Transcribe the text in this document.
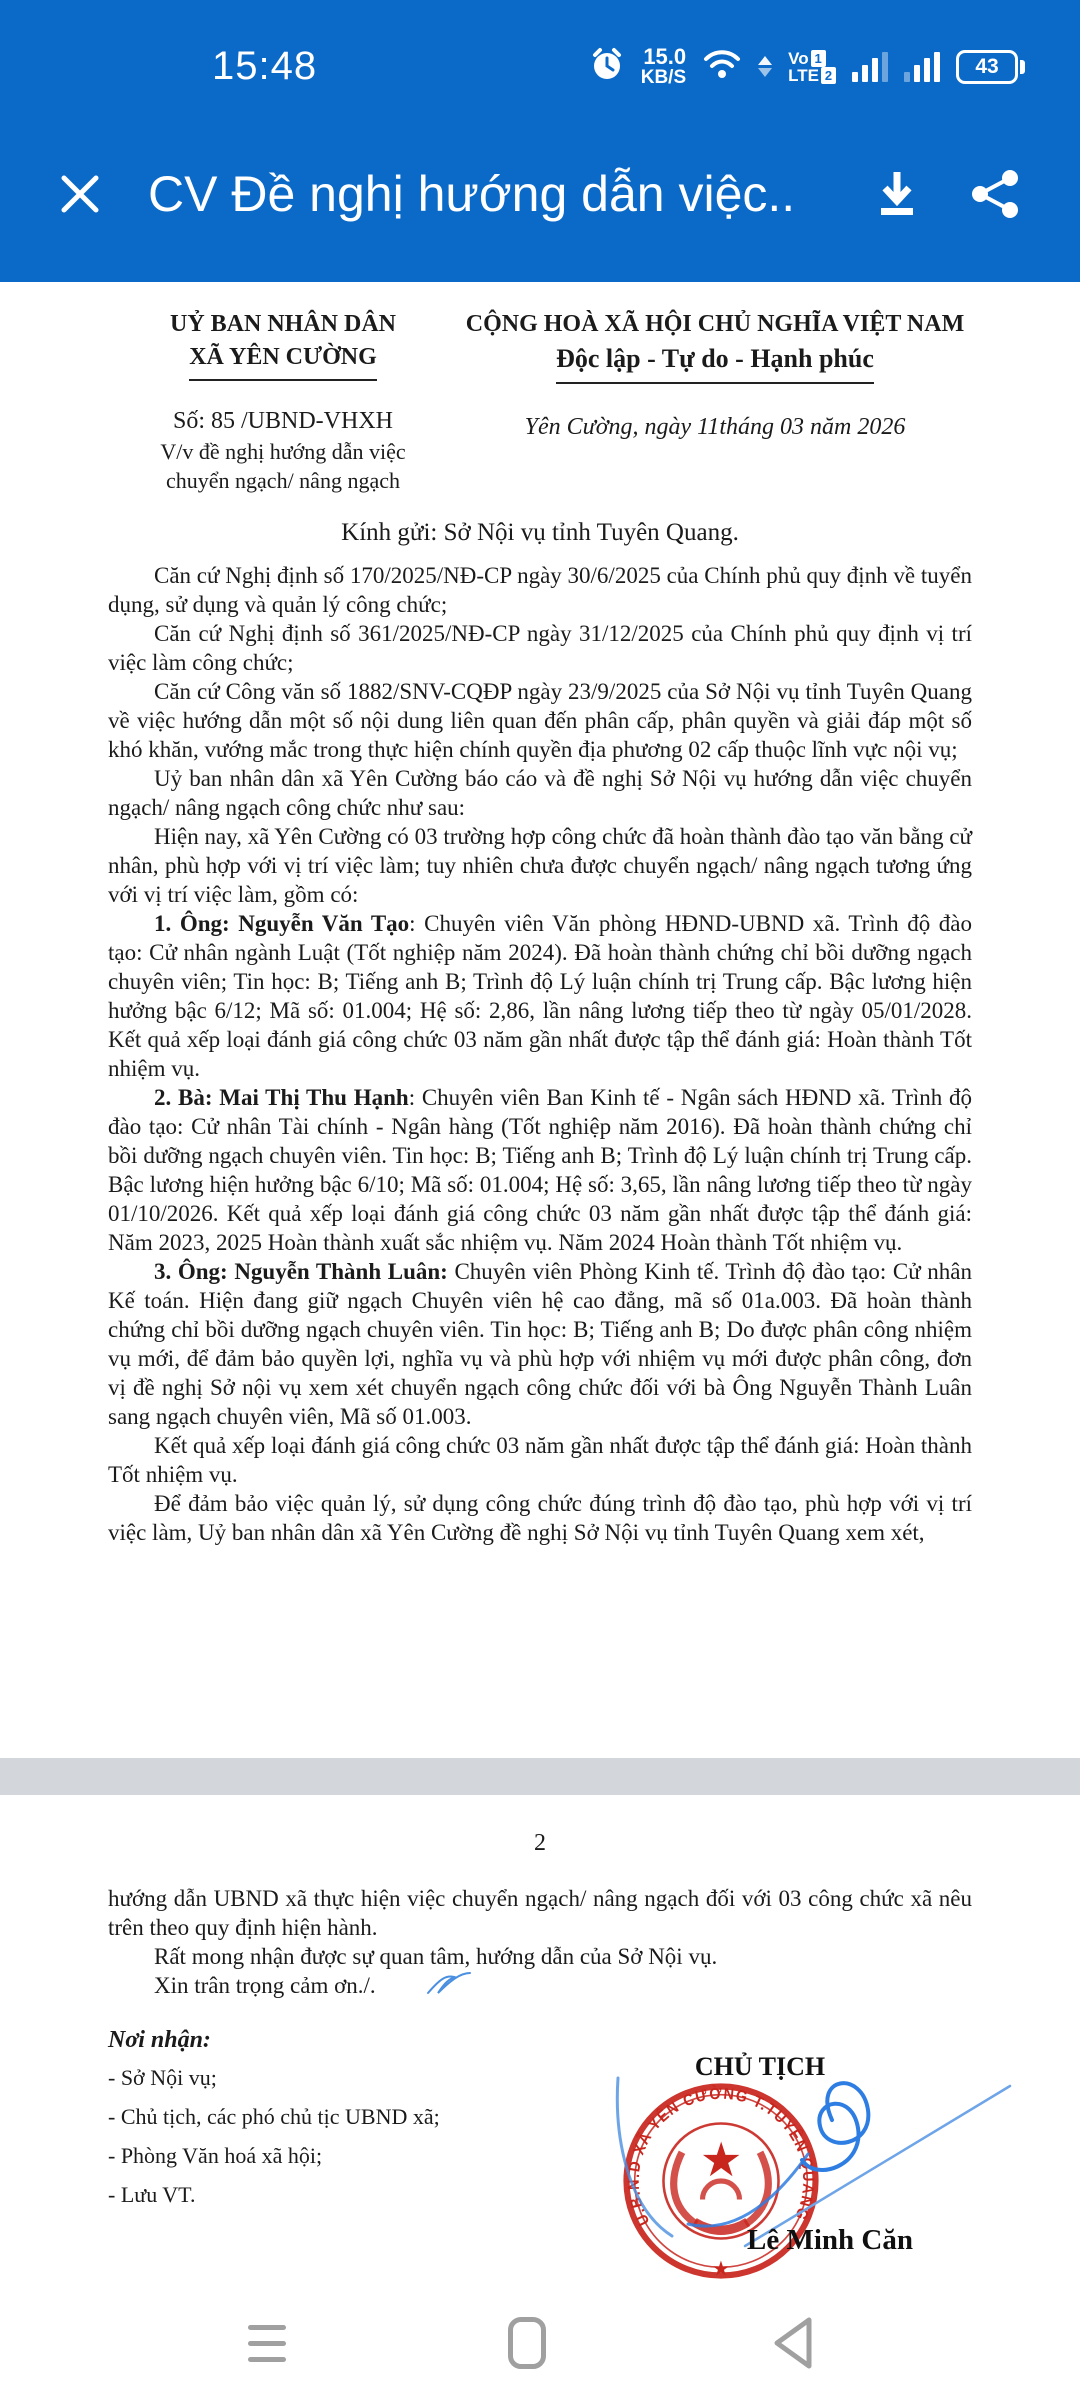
15:48	15.0
KB/S
Vo 1
LTE 2	43
CV Đề nghị hướng dẫn việc..
UỶ BAN NHÂN DÂN
XÃ YÊN CƯỜNG
CỘNG HOÀ XÃ HỘI CHỦ NGHĨA VIỆT NAM
Độc lập - Tự do - Hạnh phúc
Số: 85 /UBND-VHXH
V/v đề nghị hướng dẫn việc
chuyển ngạch/ nâng ngạch
Yên Cường, ngày 11tháng 03 năm 2026
Kính gửi: Sở Nội vụ tỉnh Tuyên Quang.

Căn cứ Nghị định số 170/2025/NĐ-CP ngày 30/6/2025 của Chính phủ quy định về tuyển dụng, sử dụng và quản lý công chức;

Căn cứ Nghị định số 361/2025/NĐ-CP ngày 31/12/2025 của Chính phủ quy định vị trí việc làm công chức;

Căn cứ Công văn số 1882/SNV-CQĐP ngày 23/9/2025 của Sở Nội vụ tỉnh Tuyên Quang về việc hướng dẫn một số nội dung liên quan đến phân cấp, phân quyền và giải đáp một số khó khăn, vướng mắc trong thực hiện chính quyền địa phương 02 cấp thuộc lĩnh vực nội vụ;

Uỷ ban nhân dân xã Yên Cường báo cáo và đề nghị Sở Nội vụ hướng dẫn việc chuyển ngạch/ nâng ngạch công chức như sau:

Hiện nay, xã Yên Cường có 03 trường hợp công chức đã hoàn thành đào tạo văn bằng cử nhân, phù hợp với vị trí việc làm; tuy nhiên chưa được chuyển ngạch/ nâng ngạch tương ứng với vị trí việc làm, gồm có:

1. Ông: Nguyễn Văn Tạo: Chuyên viên Văn phòng HĐND-UBND xã. Trình độ đào tạo: Cử nhân ngành Luật (Tốt nghiệp năm 2024). Đã hoàn thành chứng chỉ bồi dưỡng ngạch chuyên viên; Tin học: B; Tiếng anh B; Trình độ Lý luận chính trị Trung cấp. Bậc lương hiện hưởng bậc 6/12; Mã số: 01.004; Hệ số: 2,86, lần nâng lương tiếp theo từ ngày 05/01/2028. Kết quả xếp loại đánh giá công chức 03 năm gần nhất được tập thể đánh giá: Hoàn thành Tốt nhiệm vụ.

2. Bà: Mai Thị Thu Hạnh: Chuyên viên Ban Kinh tế - Ngân sách HĐND xã. Trình độ đào tạo: Cử nhân Tài chính - Ngân hàng (Tốt nghiệp năm 2016). Đã hoàn thành chứng chỉ bồi dưỡng ngạch chuyên viên. Tin học: B; Tiếng anh B; Trình độ Lý luận chính trị Trung cấp. Bậc lương hiện hưởng bậc 6/10; Mã số: 01.004; Hệ số: 3,65, lần nâng lương tiếp theo từ ngày 01/10/2026. Kết quả xếp loại đánh giá công chức 03 năm gần nhất được tập thể đánh giá: Năm 2023, 2025 Hoàn thành xuất sắc nhiệm vụ. Năm 2024 Hoàn thành Tốt nhiệm vụ.

3. Ông: Nguyễn Thành Luân: Chuyên viên Phòng Kinh tế. Trình độ đào tạo: Cử nhân Kế toán. Hiện đang giữ ngạch Chuyên viên hệ cao đẳng, mã số 01a.003. Đã hoàn thành chứng chỉ bồi dưỡng ngạch chuyên viên. Tin học: B; Tiếng anh B; Do được phân công nhiệm vụ mới, để đảm bảo quyền lợi, nghĩa vụ và phù hợp với nhiệm vụ mới được phân công, đơn vị đề nghị Sở nội vụ xem xét chuyển ngạch công chức đối với bà Ông Nguyễn Thành Luân sang ngạch chuyên viên, Mã số 01.003.

Kết quả xếp loại đánh giá công chức 03 năm gần nhất được tập thể đánh giá: Hoàn thành Tốt nhiệm vụ.

Để đảm bảo việc quản lý, sử dụng công chức đúng trình độ đào tạo, phù hợp với vị trí việc làm, Uỷ ban nhân dân xã Yên Cường đề nghị Sở Nội vụ tỉnh Tuyên Quang xem xét,

2

hướng dẫn UBND xã thực hiện việc chuyển ngạch/ nâng ngạch đối với 03 công chức xã nêu trên theo quy định hiện hành.

Rất mong nhận được sự quan tâm, hướng dẫn của Sở Nội vụ.

Xin trân trọng cảm ơn./.

Nơi nhận:
- Sở Nội vụ;
- Chủ tịch, các phó chủ tịc UBND xã;
- Phòng Văn hoá xã hội;
- Lưu VT.
CHỦ TỊCH
U.B.N.D XÃ YÊN CƯỜNG T.TUYÊN QUANG
★
★
Lê Minh Căn
